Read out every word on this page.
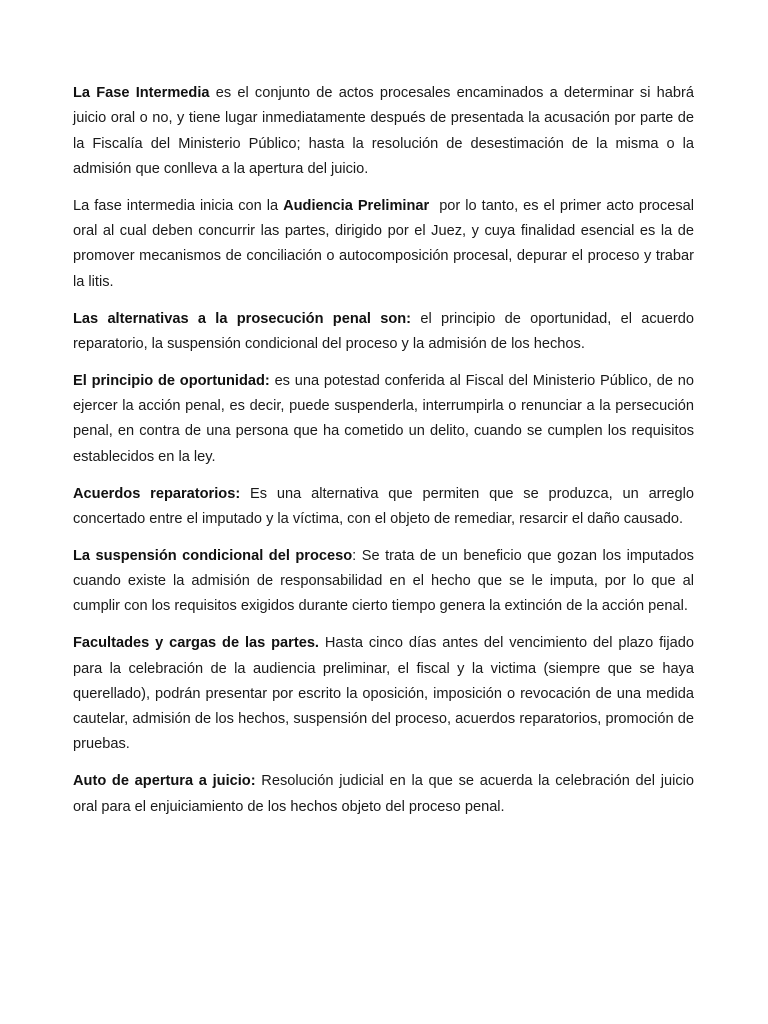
La Fase Intermedia es el conjunto de actos procesales encaminados a determinar si habrá juicio oral o no, y tiene lugar inmediatamente después de presentada la acusación por parte de la Fiscalía del Ministerio Público; hasta la resolución de desestimación de la misma o la admisión que conlleva a la apertura del juicio.

La fase intermedia inicia con la Audiencia Preliminar  por lo tanto, es el primer acto procesal oral al cual deben concurrir las partes, dirigido por el Juez, y cuya finalidad esencial es la de promover mecanismos de conciliación o autocomposición procesal, depurar el proceso y trabar la litis.

Las alternativas a la prosecución penal son: el principio de oportunidad, el acuerdo reparatorio, la suspensión condicional del proceso y la admisión de los hechos.

El principio de oportunidad: es una potestad conferida al Fiscal del Ministerio Público, de no ejercer la acción penal, es decir, puede suspenderla, interrumpirla o renunciar a la persecución penal, en contra de una persona que ha cometido un delito, cuando se cumplen los requisitos establecidos en la ley.

Acuerdos reparatorios: Es una alternativa que permiten que se produzca, un arreglo concertado entre el imputado y la víctima, con el objeto de remediar, resarcir el daño causado.

La suspensión condicional del proceso: Se trata de un beneficio que gozan los imputados cuando existe la admisión de responsabilidad en el hecho que se le imputa, por lo que al cumplir con los requisitos exigidos durante cierto tiempo genera la extinción de la acción penal.

Facultades y cargas de las partes. Hasta cinco días antes del vencimiento del plazo fijado para la celebración de la audiencia preliminar, el fiscal y la victima (siempre que se haya querellado), podrán presentar por escrito la oposición, imposición o revocación de una medida cautelar, admisión de los hechos, suspensión del proceso, acuerdos reparatorios, promoción de pruebas.

Auto de apertura a juicio: Resolución judicial en la que se acuerda la celebración del juicio oral para el enjuiciamiento de los hechos objeto del proceso penal.
